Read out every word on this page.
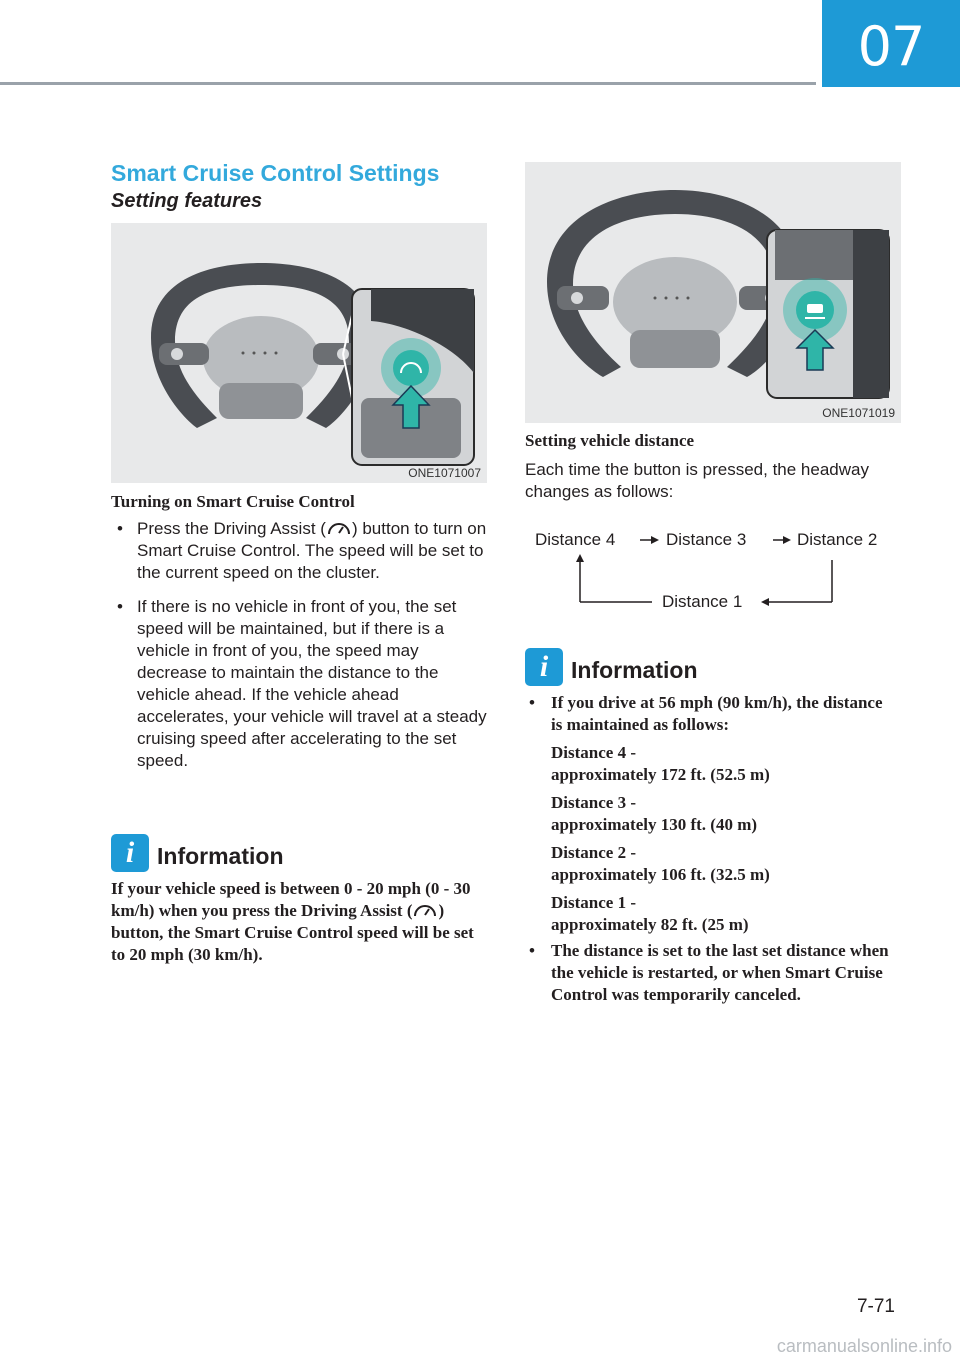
07
Smart Cruise Control Settings
Setting features
ONE1071007
Turning on Smart Cruise Control
• Press the Driving Assist ( ) button to turn on Smart Cruise Control. The speed will be set to the current speed on the cluster.
• If there is no vehicle in front of you, the set speed will be maintained, but if there is a vehicle in front of you, the speed may decrease to maintain the distance to the vehicle ahead. If the vehicle ahead accelerates, your vehicle will travel at a steady cruising speed after accelerating to the set speed.
i Information
If your vehicle speed is between 0 - 20 mph (0 - 30 km/h) when you press the Driving Assist ( ) button, the Smart Cruise Control speed will be set to 20 mph (30 km/h).
ONE1071019
Setting vehicle distance
Each time the button is pressed, the headway changes as follows:
Distance 4	Distance 3	Distance 2
Distance 1
i Information
• If you drive at 56 mph (90 km/h), the distance is maintained as follows:
Distance 4 -
approximately 172 ft. (52.5 m)
Distance 3 -
approximately 130 ft. (40 m)
Distance 2 -
approximately 106 ft. (32.5 m)
Distance 1 -
approximately 82 ft. (25 m)
• The distance is set to the last set distance when the vehicle is restarted, or when Smart Cruise Control was temporarily canceled.
7-71
carmanualsonline.info
